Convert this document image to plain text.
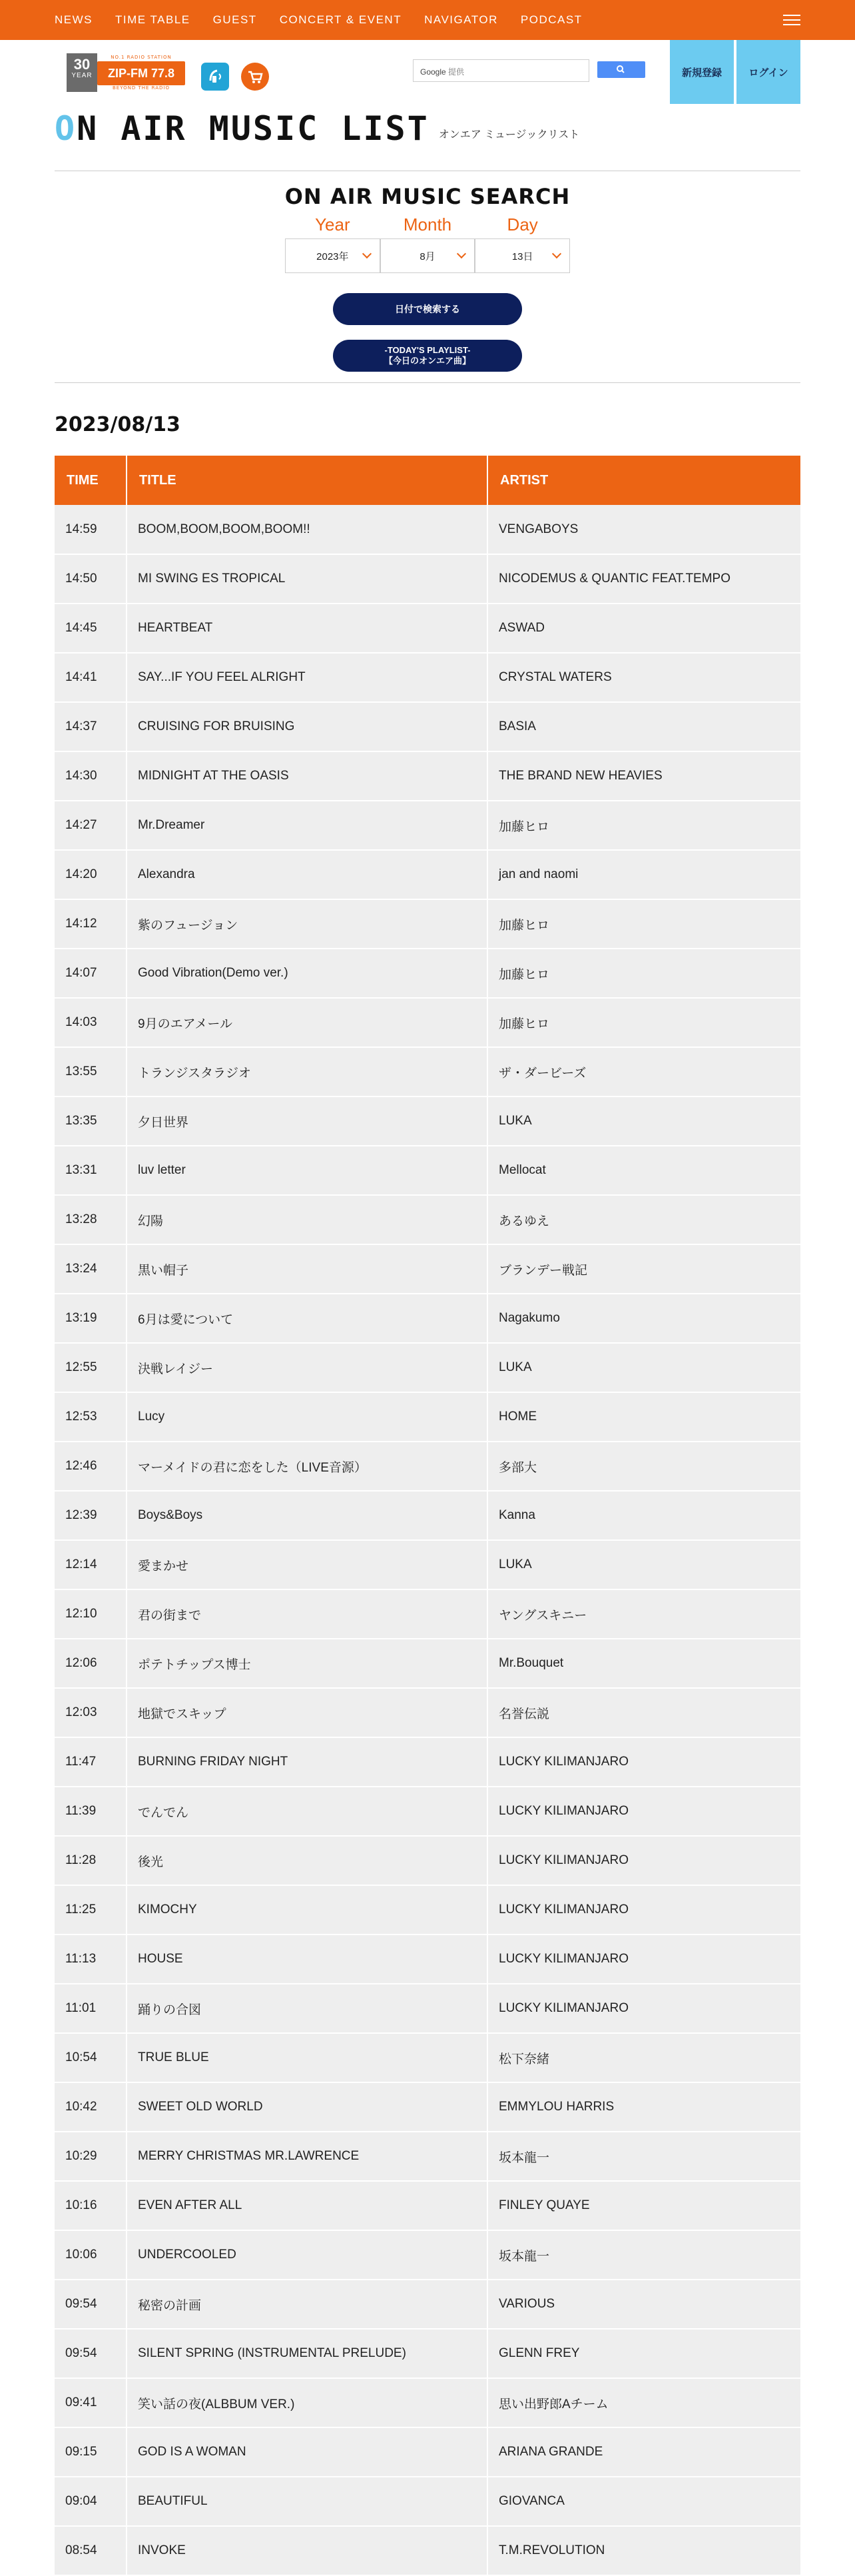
NEWS TIME TABLE GUEST CONCERT & EVENT NAVIGATOR PODCAST
30
YEAR
NO.1 RADIO STATION
ZIP-FM 77.8
BEYOND THE RADIO
Google 提供	新規登録	ログイン
ON AIR MUSIC LIST オンエア ミュージックリスト
ON AIR MUSIC SEARCH
Year	Month	Day
2023年	8月	13日
日付で検索する
-TODAY'S PLAYLIST-
【今日のオンエア曲】
2023/08/13
TIME	TITLE	ARTIST
14:59	BOOM,BOOM,BOOM,BOOM!!	VENGABOYS
14:50	MI SWING ES TROPICAL	NICODEMUS & QUANTIC FEAT.TEMPO
14:45	HEARTBEAT	ASWAD
14:41	SAY...IF YOU FEEL ALRIGHT	CRYSTAL WATERS
14:37	CRUISING FOR BRUISING	BASIA
14:30	MIDNIGHT AT THE OASIS	THE BRAND NEW HEAVIES
14:27	Mr.Dreamer	加藤ヒロ
14:20	Alexandra	jan and naomi
14:12	紫のフュージョン	加藤ヒロ
14:07	Good Vibration(Demo ver.)	加藤ヒロ
14:03	9月のエアメール	加藤ヒロ
13:55	トランジスタラジオ	ザ・ダービーズ
13:35	夕日世界	LUKA
13:31	luv letter	Mellocat
13:28	幻陽	あるゆえ
13:24	黒い帽子	ブランデー戦記
13:19	6月は愛について	Nagakumo
12:55	決戦レイジー	LUKA
12:53	Lucy	HOME
12:46	マーメイドの君に恋をした（LIVE音源）	多部大
12:39	Boys&Boys	Kanna
12:14	愛まかせ	LUKA
12:10	君の街まで	ヤングスキニー
12:06	ポテトチップス博士	Mr.Bouquet
12:03	地獄でスキップ	名誉伝説
11:47	BURNING FRIDAY NIGHT	LUCKY KILIMANJARO
11:39	でんでん	LUCKY KILIMANJARO
11:28	後光	LUCKY KILIMANJARO
11:25	KIMOCHY	LUCKY KILIMANJARO
11:13	HOUSE	LUCKY KILIMANJARO
11:01	踊りの合図	LUCKY KILIMANJARO
10:54	TRUE BLUE	松下奈緒
10:42	SWEET OLD WORLD	EMMYLOU HARRIS
10:29	MERRY CHRISTMAS MR.LAWRENCE	坂本龍一
10:16	EVEN AFTER ALL	FINLEY QUAYE
10:06	UNDERCOOLED	坂本龍一
09:54	秘密の計画	VARIOUS
09:54	SILENT SPRING (INSTRUMENTAL PRELUDE)	GLENN FREY
09:41	笑い話の夜(ALBBUM VER.)	思い出野郎Aチーム
09:15	GOD IS A WOMAN	ARIANA GRANDE
09:04	BEAUTIFUL	GIOVANCA
08:54	INVOKE	T.M.REVOLUTION
